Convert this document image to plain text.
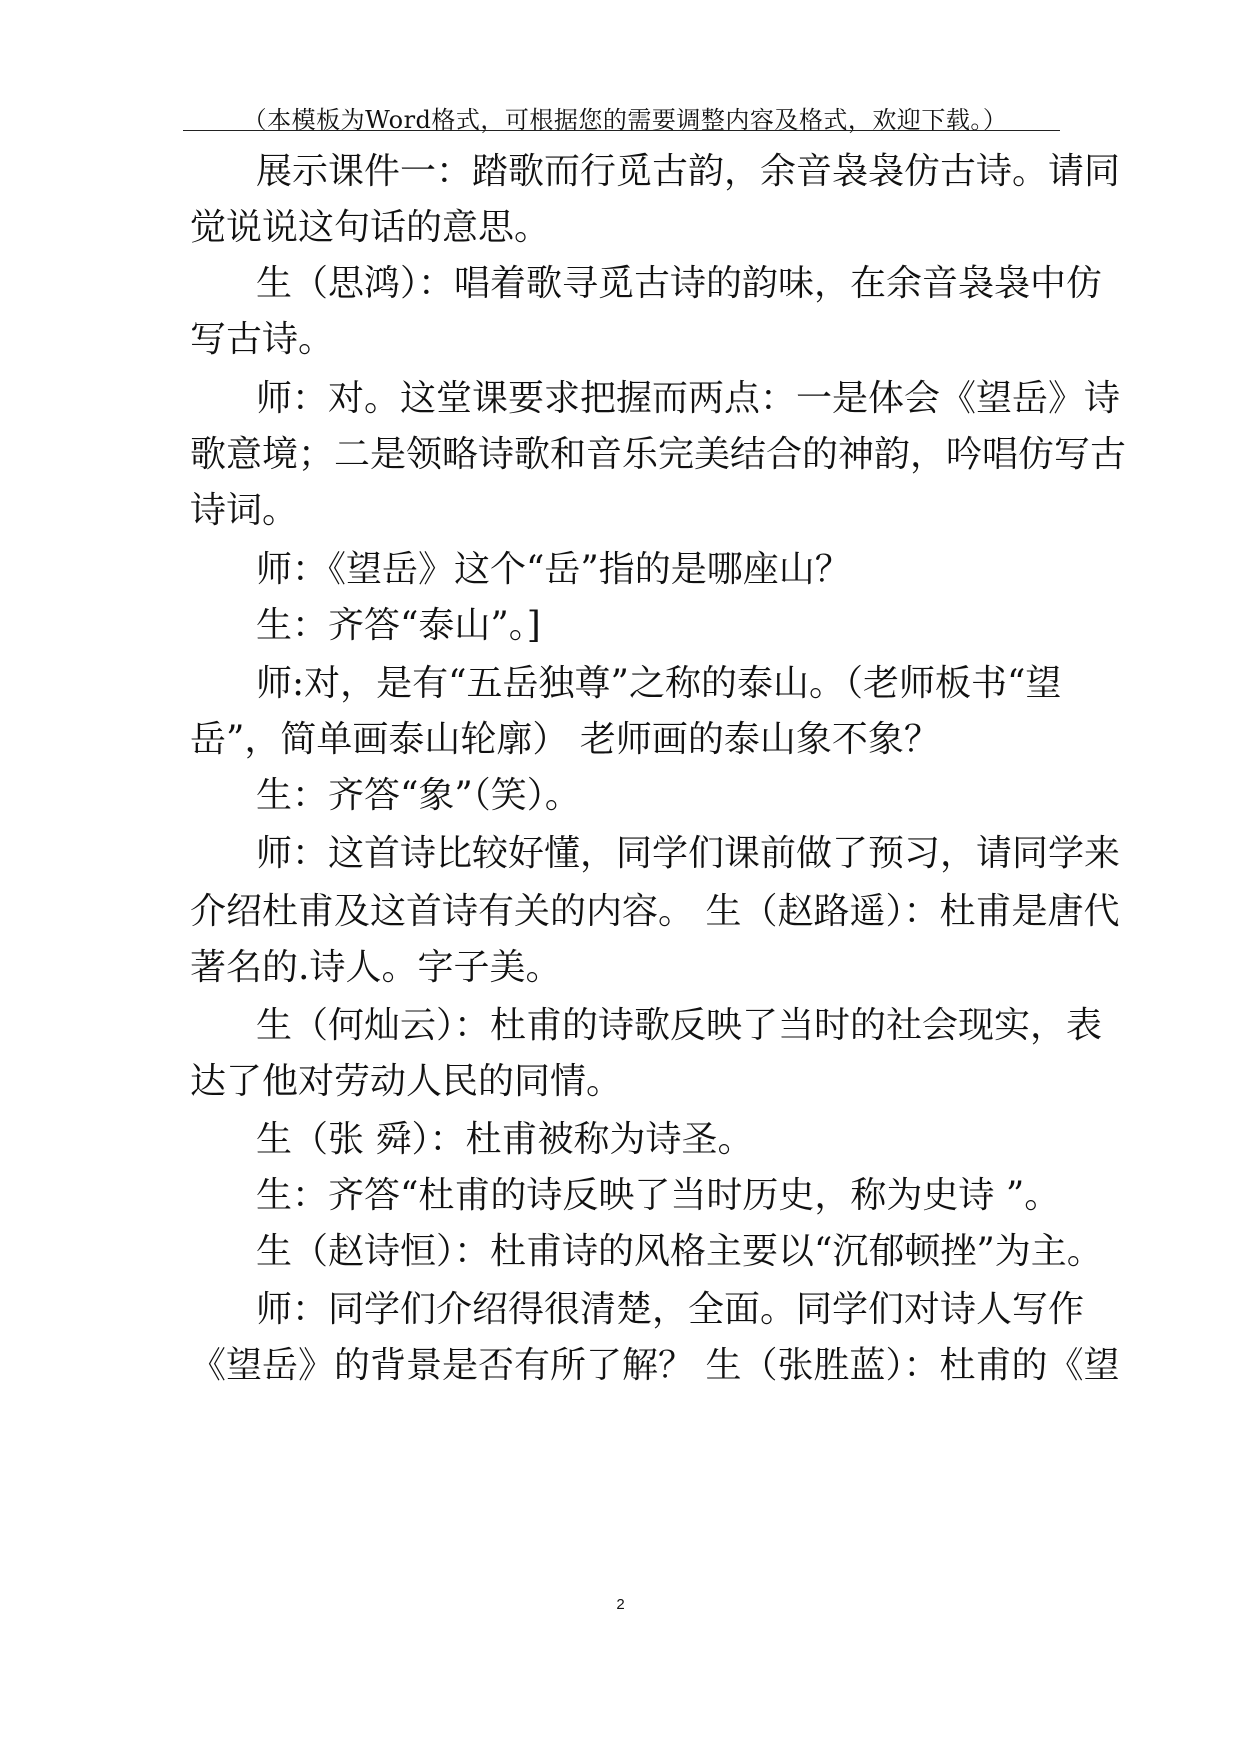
（本模板为Word格式，可根据您的需要调整内容及格式，欢迎下载。）
展示课件一：踏歌而行觅古韵，余音袅袅仿古诗。请同
觉说说这句话的意思。
生（思鸿）：唱着歌寻觅古诗的韵味，在余音袅袅中仿
写古诗。
师：对。这堂课要求把握而两点：一是体会《望岳》诗
歌意境；二是领略诗歌和音乐完美结合的神韵，吟唱仿写古
诗词。
师：《望岳》这个“岳”指的是哪座山？
生：齐答“泰山”。]
师:对，是有“五岳独尊”之称的泰山。（老师板书“望
岳”，简单画泰山轮廓） 老师画的泰山象不象？
生：齐答“象”（笑）。
师：这首诗比较好懂，同学们课前做了预习，请同学来
介绍杜甫及这首诗有关的内容。 生（赵路遥）：杜甫是唐代
著名的.诗人。字子美。
生（何灿云）：杜甫的诗歌反映了当时的社会现实，表
达了他对劳动人民的同情。
生（张 舜）：杜甫被称为诗圣。
生：齐答“杜甫的诗反映了当时历史，称为史诗 ”。
生（赵诗恒）：杜甫诗的风格主要以“沉郁顿挫”为主。
师：同学们介绍得很清楚，全面。同学们对诗人写作
《望岳》的背景是否有所了解？ 生（张胜蓝）：杜甫的《望
2
